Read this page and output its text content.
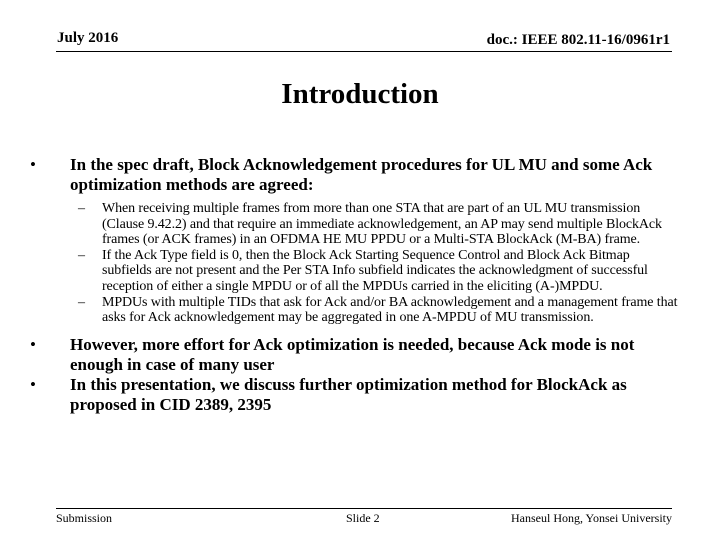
July 2016	doc.: IEEE 802.11-16/0961r1
Introduction
• In the spec draft, Block Acknowledgement procedures for UL MU and some Ack optimization methods are agreed:
– When receiving multiple frames from more than one STA that are part of an UL MU transmission (Clause 9.42.2) and that require an immediate acknowledgement, an AP may send multiple BlockAck frames (or ACK frames) in an OFDMA HE MU PPDU or a Multi-STA BlockAck (M-BA) frame.
– If the Ack Type field is 0, then the Block Ack Starting Sequence Control and Block Ack Bitmap subfields are not present and the Per STA Info subfield indicates the acknowledgment of successful reception of either a single MPDU or of all the MPDUs carried in the eliciting (A-)MPDU.
– MPDUs with multiple TIDs that ask for Ack and/or BA acknowledgement and a management frame that asks for Ack acknowledgement may be aggregated in one A-MPDU of MU transmission.
• However, more effort for Ack optimization is needed, because Ack mode is not enough in case of many user
• In this presentation, we discuss further optimization method for BlockAck as proposed in CID 2389, 2395
Submission	Slide 2	Hanseul Hong, Yonsei University
